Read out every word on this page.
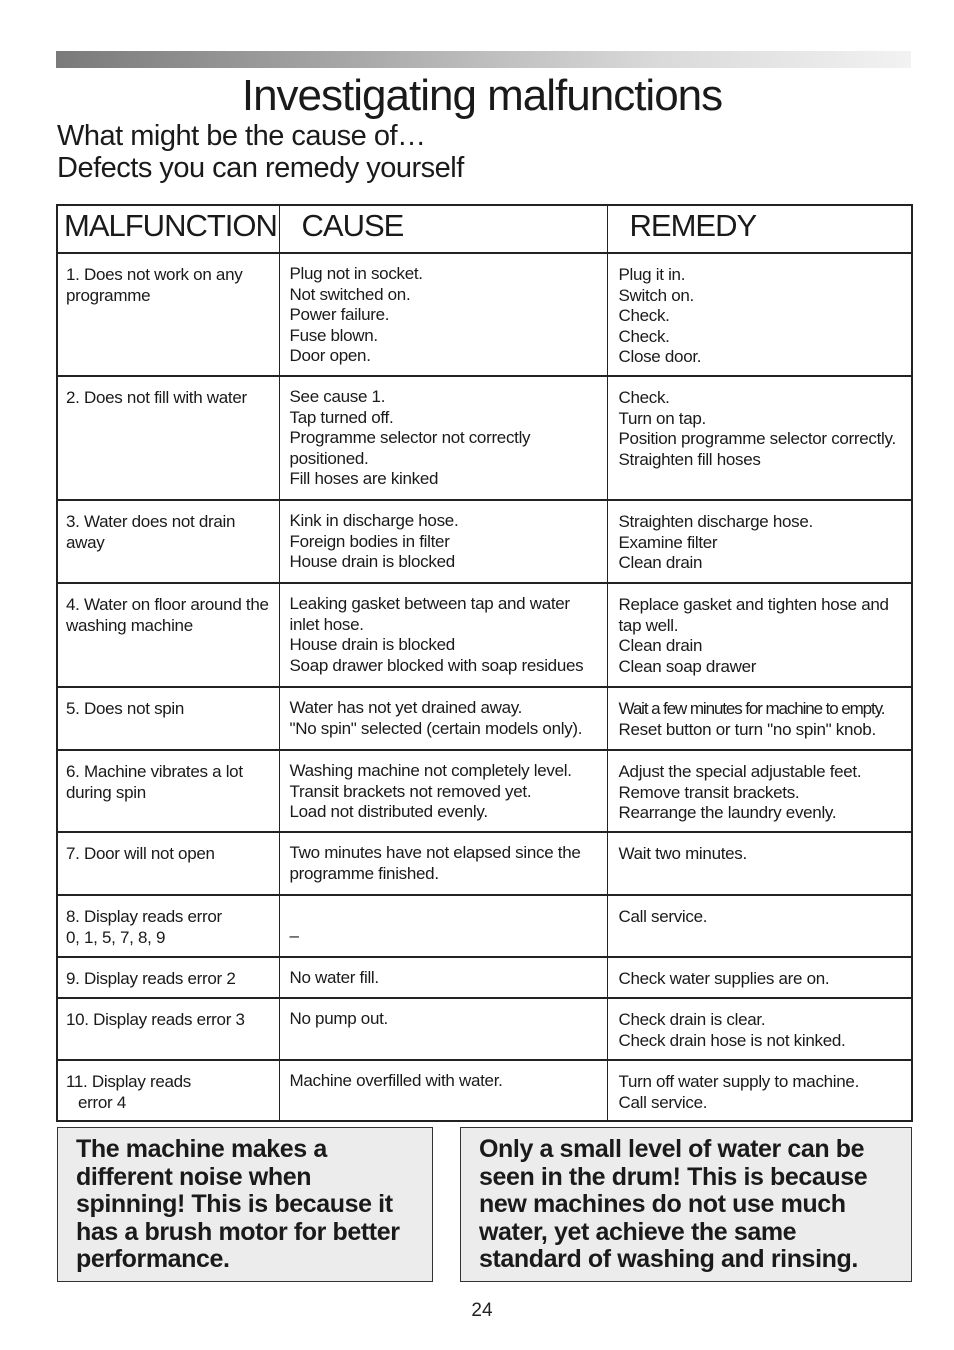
Investigating malfunctions
What might be the cause of…
Defects you can remedy yourself
MALFUNCTION	CAUSE	REMEDY

1. Does not work on any programme	Plug not in socket.
Not switched on.
Power failure.
Fuse blown.
Door open.	Plug it in.
Switch on.
Check.
Check.
Close door.

2. Does not fill with water	See cause 1.
Tap turned off.
Programme selector not correctly positioned.
Fill hoses are kinked	Check.
Turn on tap.
Position programme selector correctly.
Straighten fill hoses

3. Water does not drain away	Kink in discharge hose.
Foreign bodies in filter
House drain is blocked	Straighten discharge hose.
Examine filter
Clean drain

4. Water on floor around the washing machine	Leaking gasket between tap and water inlet hose.
House drain is blocked
Soap drawer blocked with soap residues	Replace gasket and tighten hose and tap well.
Clean drain
Clean soap drawer

5. Does not spin	Water has not yet drained away.
"No spin" selected (certain models only).	Wait a few minutes for machine to empty.
Reset button or turn "no spin" knob.

6. Machine vibrates a lot during spin	Washing machine not completely level.
Transit brackets not removed yet.
Load not distributed evenly.	Adjust the special adjustable feet.
Remove transit brackets.
Rearrange the laundry evenly.

7. Door will not open	Two minutes have not elapsed since the programme finished.	Wait two minutes.

8. Display reads error
0, 1, 5, 7, 8, 9	–	Call service.

9. Display reads error 2	No water fill.	Check water supplies are on.

10. Display reads error 3	No pump out.	Check drain is clear.
Check drain hose is not kinked.

11. Display reads
error 4	Machine overfilled with water.	Turn off water supply to machine.
Call service.
The machine makes a different noise when spinning! This is because it has a brush motor for better performance.
Only a small level of water can be seen in the drum! This is because new machines do not use much water, yet achieve the same standard of washing and rinsing.
24
